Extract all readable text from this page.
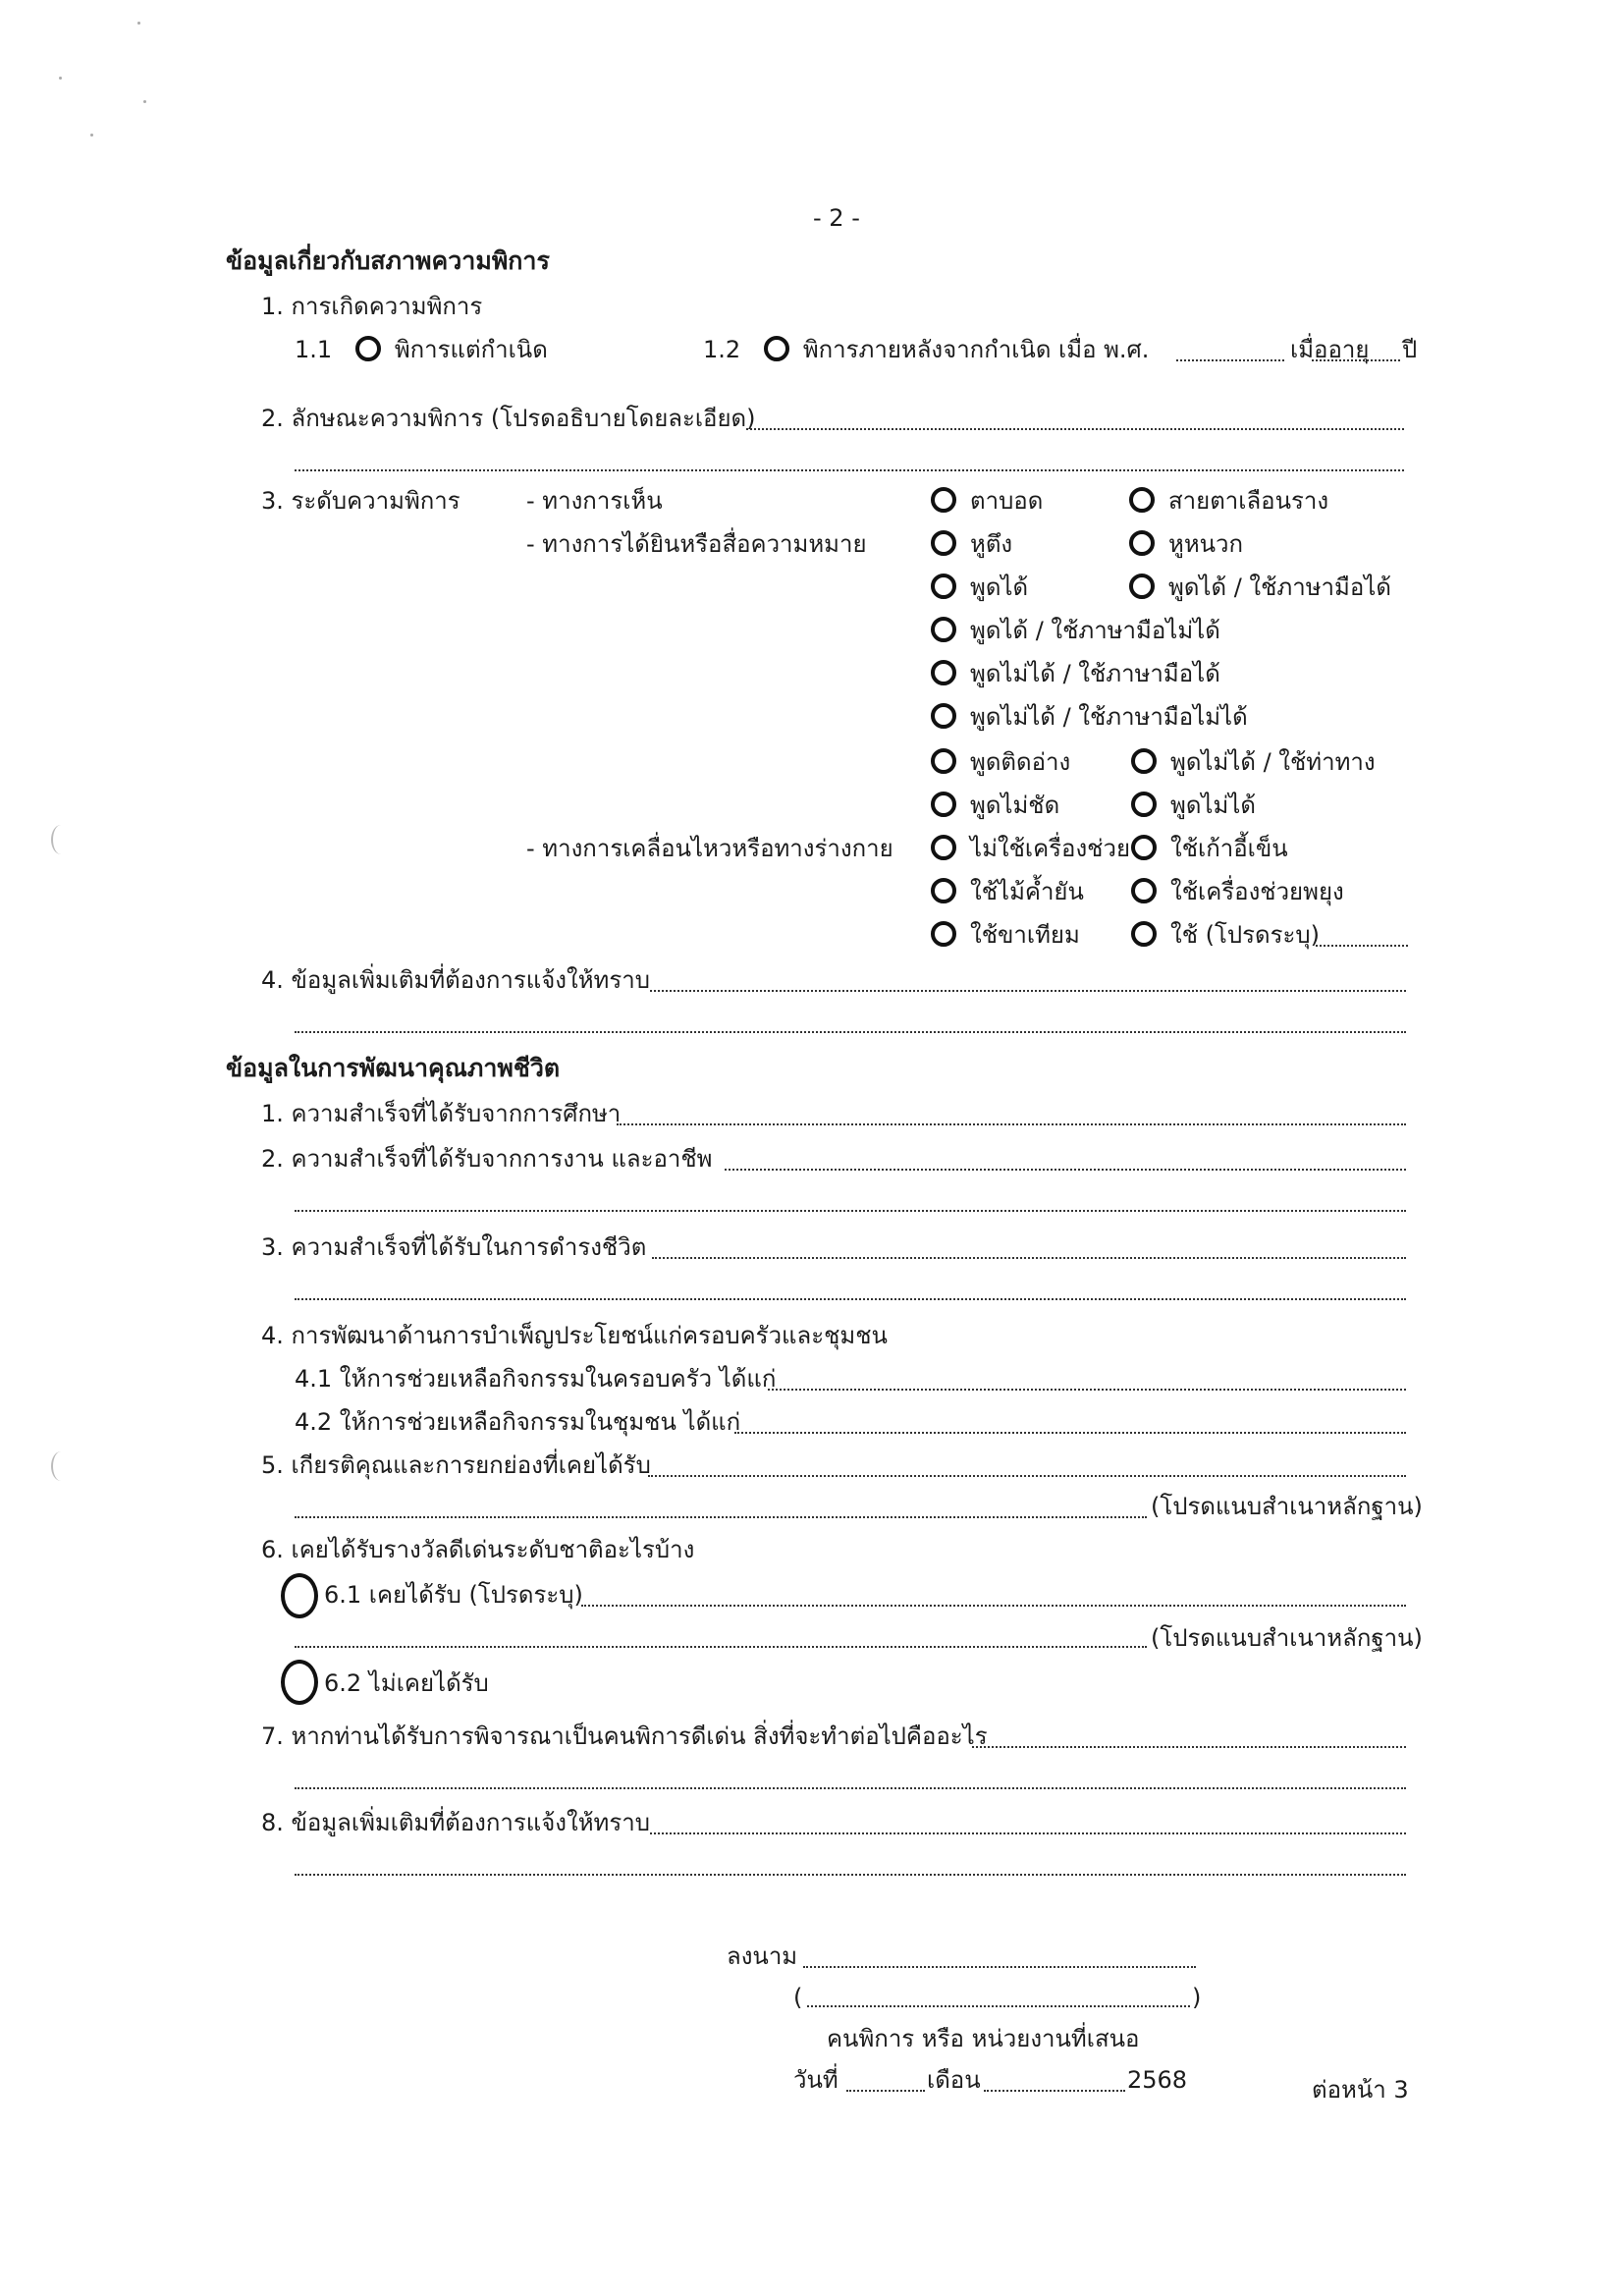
- 2 -
ข้อมูลเกี่ยวกับสภาพความพิการ
1. การเกิดความพิการ
1.1	พิการแต่กำเนิด	1.2	พิการภายหลังจากกำเนิด เมื่อ พ.ศ.	เมื่ออายุ ปี
2. ลักษณะความพิการ (โปรดอธิบายโดยละเอียด)
3. ระดับความพิการ	- ทางการเห็น	ตาบอด	สายตาเลือนราง
- ทางการได้ยินหรือสื่อความหมาย	หูตึง	หูหนวก
พูดได้	พูดได้ / ใช้ภาษามือได้
พูดได้ / ใช้ภาษามือไม่ได้
พูดไม่ได้ / ใช้ภาษามือได้
พูดไม่ได้ / ใช้ภาษามือไม่ได้
พูดติดอ่าง	พูดไม่ได้ / ใช้ท่าทาง
พูดไม่ชัด	พูดไม่ได้
- ทางการเคลื่อนไหวหรือทางร่างกาย	ไม่ใช้เครื่องช่วย	ใช้เก้าอี้เข็น
ใช้ไม้ค้ำยัน	ใช้เครื่องช่วยพยุง
ใช้ขาเทียม	ใช้ (โปรดระบุ)
4. ข้อมูลเพิ่มเติมที่ต้องการแจ้งให้ทราบ
ข้อมูลในการพัฒนาคุณภาพชีวิต
1. ความสำเร็จที่ได้รับจากการศึกษา
2. ความสำเร็จที่ได้รับจากการงาน และอาชีพ
3. ความสำเร็จที่ได้รับในการดำรงชีวิต
4. การพัฒนาด้านการบำเพ็ญประโยชน์แก่ครอบครัวและชุมชน
4.1 ให้การช่วยเหลือกิจกรรมในครอบครัว ได้แก่
4.2 ให้การช่วยเหลือกิจกรรมในชุมชน ได้แก่
5. เกียรติคุณและการยกย่องที่เคยได้รับ
(โปรดแนบสำเนาหลักฐาน)
6. เคยได้รับรางวัลดีเด่นระดับชาติอะไรบ้าง
6.1 เคยได้รับ (โปรดระบุ)
(โปรดแนบสำเนาหลักฐาน)
6.2 ไม่เคยได้รับ
7. หากท่านได้รับการพิจารณาเป็นคนพิการดีเด่น สิ่งที่จะทำต่อไปคืออะไร
8. ข้อมูลเพิ่มเติมที่ต้องการแจ้งให้ทราบ
ลงนาม
(	)
คนพิการ หรือ หน่วยงานที่เสนอ
วันที่	เดือน	2568	ต่อหน้า 3
